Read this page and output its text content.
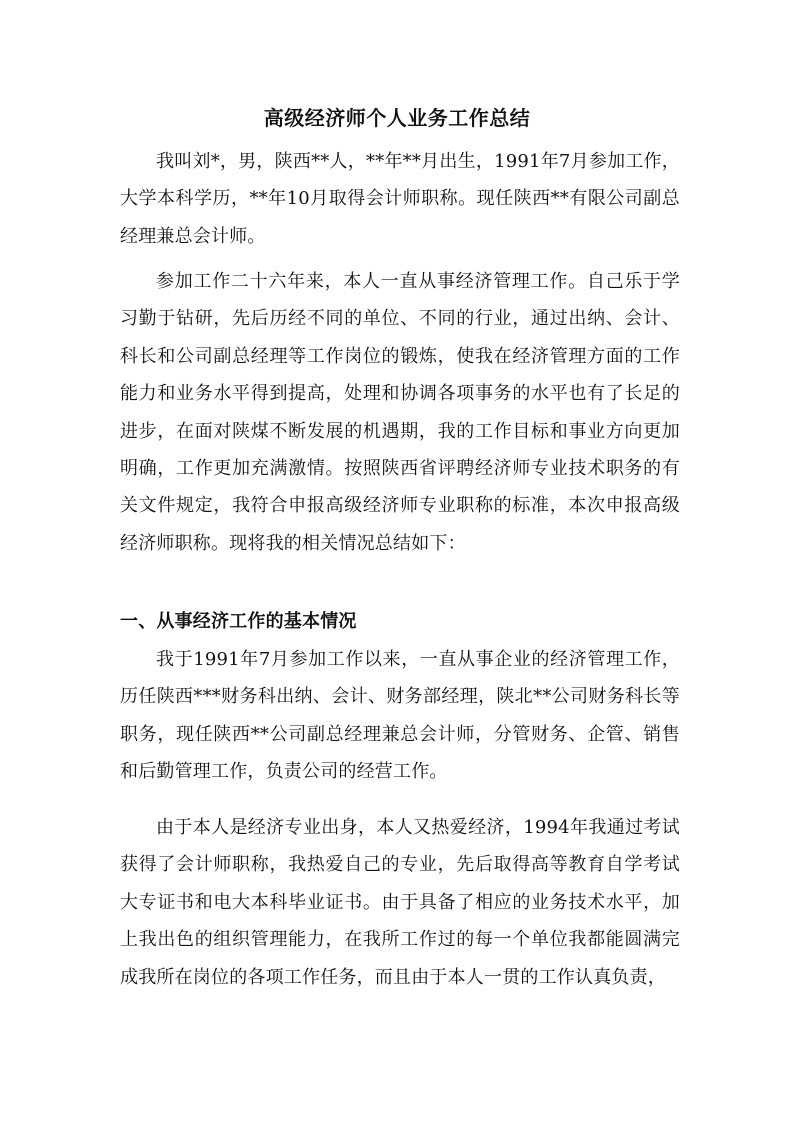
高级经济师个人业务工作总结

我叫刘*，男，陕西**人，**年**月出生，1991年7月参加工作，大学本科学历，**年10月取得会计师职称。现任陕西**有限公司副总经理兼总会计师。

参加工作二十六年来，本人一直从事经济管理工作。自己乐于学习勤于钻研，先后历经不同的单位、不同的行业，通过出纳、会计、科长和公司副总经理等工作岗位的锻炼，使我在经济管理方面的工作能力和业务水平得到提高，处理和协调各项事务的水平也有了长足的进步，在面对陕煤不断发展的机遇期，我的工作目标和事业方向更加明确，工作更加充满激情。按照陕西省评聘经济师专业技术职务的有关文件规定，我符合申报高级经济师专业职称的标准，本次申报高级经济师职称。现将我的相关情况总结如下：

一、从事经济工作的基本情况

我于1991年7月参加工作以来，一直从事企业的经济管理工作，历任陕西***财务科出纳、会计、财务部经理，陕北**公司财务科长等职务，现任陕西**公司副总经理兼总会计师，分管财务、企管、销售和后勤管理工作，负责公司的经营工作。

由于本人是经济专业出身，本人又热爱经济，1994年我通过考试获得了会计师职称，我热爱自己的专业，先后取得高等教育自学考试大专证书和电大本科毕业证书。由于具备了相应的业务技术水平，加上我出色的组织管理能力，在我所工作过的每一个单位我都能圆满完成我所在岗位的各项工作任务，而且由于本人一贯的工作认真负责，
